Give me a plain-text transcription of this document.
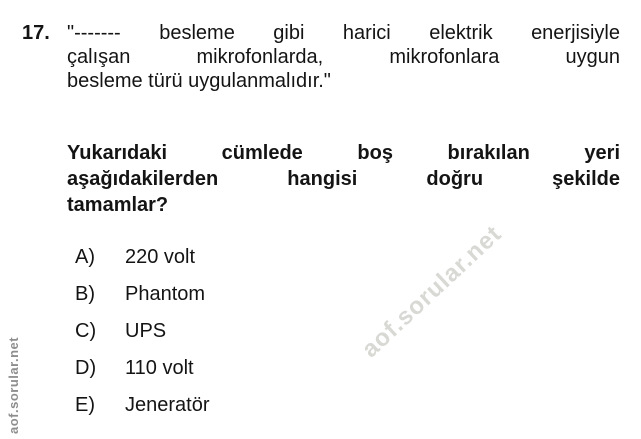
17. "------- besleme gibi harici elektrik enerjisiyle
çalışan mikrofonlarda, mikrofonlara uygun
besleme türü uygulanmalıdır."
Yukarıdaki cümlede boş bırakılan yeri
aşağıdakilerden hangisi doğru şekilde
tamamlar?
A)	220 volt
B)	Phantom
C)	UPS
D)	110 volt
E)	Jeneratör
aof.sorular.net
aof.sorular.net
